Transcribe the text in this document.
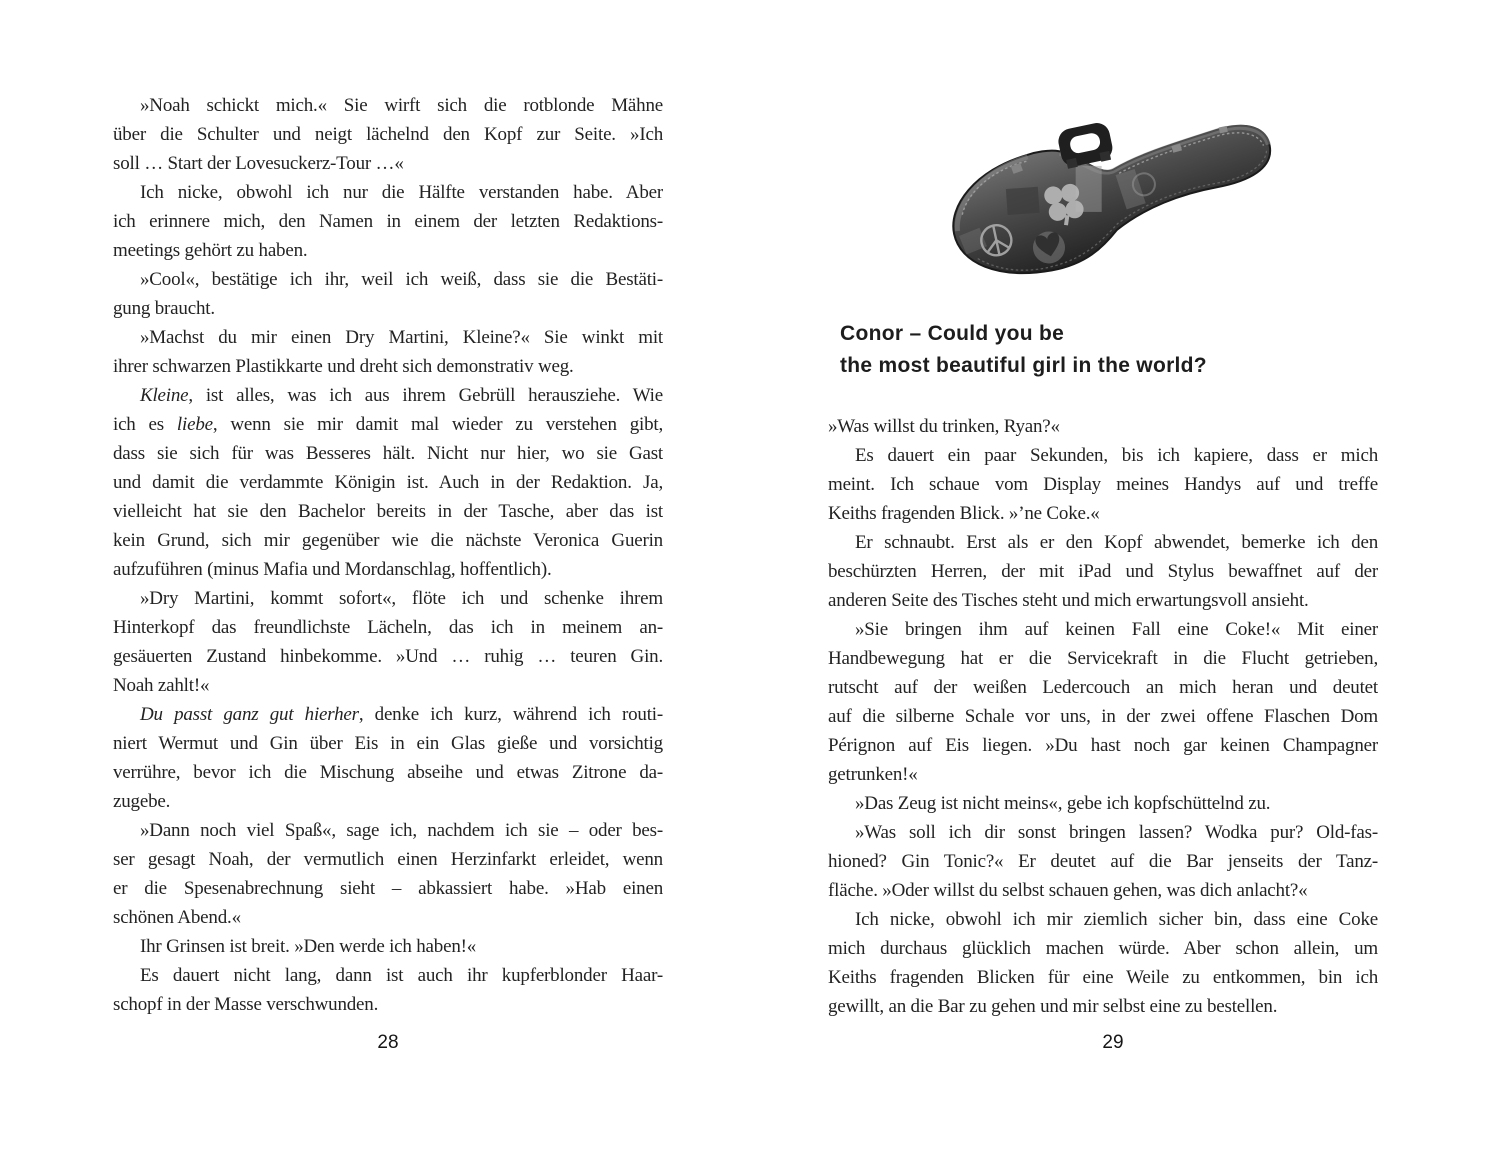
»Noah schickt mich.« Sie wirft sich die rotblonde Mähne
über die Schulter und neigt lächelnd den Kopf zur Seite. »Ich
soll … Start der Lovesuckerz-Tour …«

Ich nicke, obwohl ich nur die Hälfte verstanden habe. Aber
ich erinnere mich, den Namen in einem der letzten Redaktions-
meetings gehört zu haben.

»Cool«, bestätige ich ihr, weil ich weiß, dass sie die Bestäti-
gung braucht.

»Machst du mir einen Dry Martini, Kleine?« Sie winkt mit
ihrer schwarzen Plastikkarte und dreht sich demonstrativ weg.

Kleine, ist alles, was ich aus ihrem Gebrüll herausziehe. Wie
ich es liebe, wenn sie mir damit mal wieder zu verstehen gibt,
dass sie sich für was Besseres hält. Nicht nur hier, wo sie Gast
und damit die verdammte Königin ist. Auch in der Redaktion. Ja,
vielleicht hat sie den Bachelor bereits in der Tasche, aber das ist
kein Grund, sich mir gegenüber wie die nächste Veronica Guerin
aufzuführen (minus Mafia und Mordanschlag, hoffentlich).

»Dry Martini, kommt sofort«, flöte ich und schenke ihrem
Hinterkopf das freundlichste Lächeln, das ich in meinem an-
gesäuerten Zustand hinbekomme. »Und … ruhig … teuren Gin.
Noah zahlt!«

Du passt ganz gut hierher, denke ich kurz, während ich routi-
niert Wermut und Gin über Eis in ein Glas gieße und vorsichtig
verrühre, bevor ich die Mischung abseihe und etwas Zitrone da-
zugebe.

»Dann noch viel Spaß«, sage ich, nachdem ich sie – oder bes-
ser gesagt Noah, der vermutlich einen Herzinfarkt erleidet, wenn
er die Spesenabrechnung sieht – abkassiert habe. »Hab einen
schönen Abend.«

Ihr Grinsen ist breit. »Den werde ich haben!«

Es dauert nicht lang, dann ist auch ihr kupferblonder Haar-
schopf in der Masse verschwunden.

28
Conor – Could you be
the most beautiful girl in the world?

»Was willst du trinken, Ryan?«

Es dauert ein paar Sekunden, bis ich kapiere, dass er mich
meint. Ich schaue vom Display meines Handys auf und treffe
Keiths fragenden Blick. »’ne Coke.«

Er schnaubt. Erst als er den Kopf abwendet, bemerke ich den
beschürzten Herren, der mit iPad und Stylus bewaffnet auf der
anderen Seite des Tisches steht und mich erwartungsvoll ansieht.

»Sie bringen ihm auf keinen Fall eine Coke!« Mit einer
Handbewegung hat er die Servicekraft in die Flucht getrieben,
rutscht auf der weißen Ledercouch an mich heran und deutet
auf die silberne Schale vor uns, in der zwei offene Flaschen Dom
Pérignon auf Eis liegen. »Du hast noch gar keinen Champagner
getrunken!«

»Das Zeug ist nicht meins«, gebe ich kopfschüttelnd zu.

»Was soll ich dir sonst bringen lassen? Wodka pur? Old-fas-
hioned? Gin Tonic?« Er deutet auf die Bar jenseits der Tanz-
fläche. »Oder willst du selbst schauen gehen, was dich anlacht?«

Ich nicke, obwohl ich mir ziemlich sicher bin, dass eine Coke
mich durchaus glücklich machen würde. Aber schon allein, um
Keiths fragenden Blicken für eine Weile zu entkommen, bin ich
gewillt, an die Bar zu gehen und mir selbst eine zu bestellen.

29
